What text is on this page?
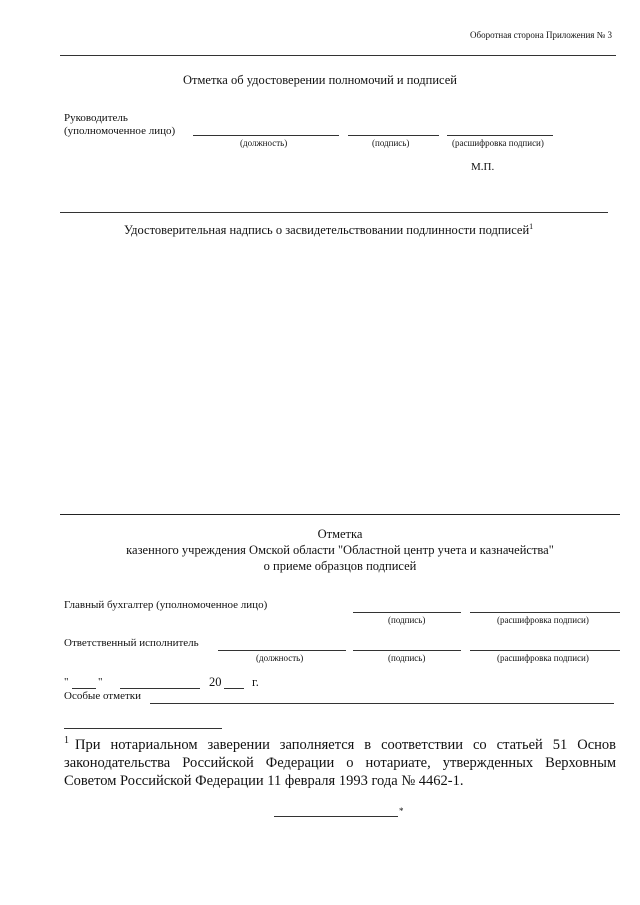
Оборотная сторона Приложения № 3
Отметка об удостоверении полномочий и подписей
Руководитель
(уполномоченное лицо)
(должность)	(подпись)	(расшифровка подписи)
М.П.
Удостоверительная надпись о засвидетельствовании подлинности подписей$^1$
Отметка
казенного учреждения Омской области "Областной центр учета и казначейства"
о приеме образцов подписей
Главный бухгалтер (уполномоченное лицо)
(подпись)	(расшифровка подписи)
Ответственный исполнитель
(должность)	(подпись)	(расшифровка подписи)
"	"	20 г.
Особые отметки
$^1$ При нотариальном заверении заполняется в соответствии со статьей 51 Основ законодательства Российской Федерации о нотариате, утвержденных Верховным Советом Российской Федерации 11 февраля 1993 года № 4462-1.
*
